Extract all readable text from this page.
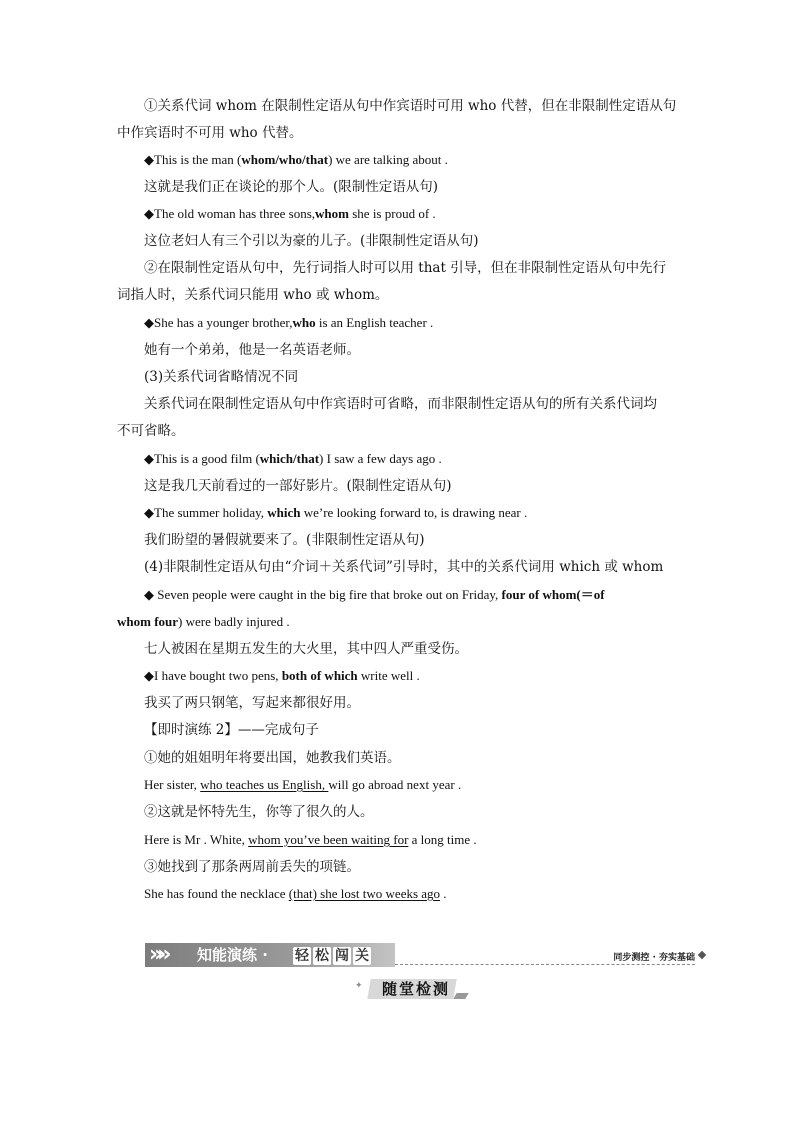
①关系代词 whom 在限制性定语从句中作宾语时可用 who 代替，但在非限制性定语从句
中作宾语时不可用 who 代替。
◆This is the man (whom/who/that) we are talking about .
这就是我们正在谈论的那个人。(限制性定语从句)
◆The old woman has three sons,whom she is proud of .
这位老妇人有三个引以为豪的儿子。(非限制性定语从句)
②在限制性定语从句中，先行词指人时可以用 that 引导，但在非限制性定语从句中先行
词指人时，关系代词只能用 who 或 whom。
◆She has a younger brother,who is an English teacher .
她有一个弟弟，他是一名英语老师。
(3)关系代词省略情况不同
关系代词在限制性定语从句中作宾语时可省略，而非限制性定语从句的所有关系代词均
不可省略。
◆This is a good film (which/that) I saw a few days ago .
这是我几天前看过的一部好影片。(限制性定语从句)
◆The summer holiday, which we’re looking forward to, is drawing near .
我们盼望的暑假就要来了。(非限制性定语从句)
(4)非限制性定语从句由“介词＋关系代词”引导时，其中的关系代词用 which 或 whom
◆ Seven people were caught in the big fire that broke out on Friday, four of whom(＝of
whom four) were badly injured .
七人被困在星期五发生的大火里，其中四人严重受伤。
◆I have bought two pens, both of which write well .
我买了两只钢笔，写起来都很好用。
【即时演练 2】——完成句子
①她的姐姐明年将要出国，她教我们英语。
Her sister, who teaches us English, will go abroad next year .
②这就是怀特先生，你等了很久的人。
Here is Mr . White, whom you’ve been waiting for a long time .
③她找到了那条两周前丢失的项链。
She has found the necklace (that) she lost two weeks ago .
»»	知能演练 · 轻 松 闯 关	同步测控 · 夯实基础
✦	随堂检测
